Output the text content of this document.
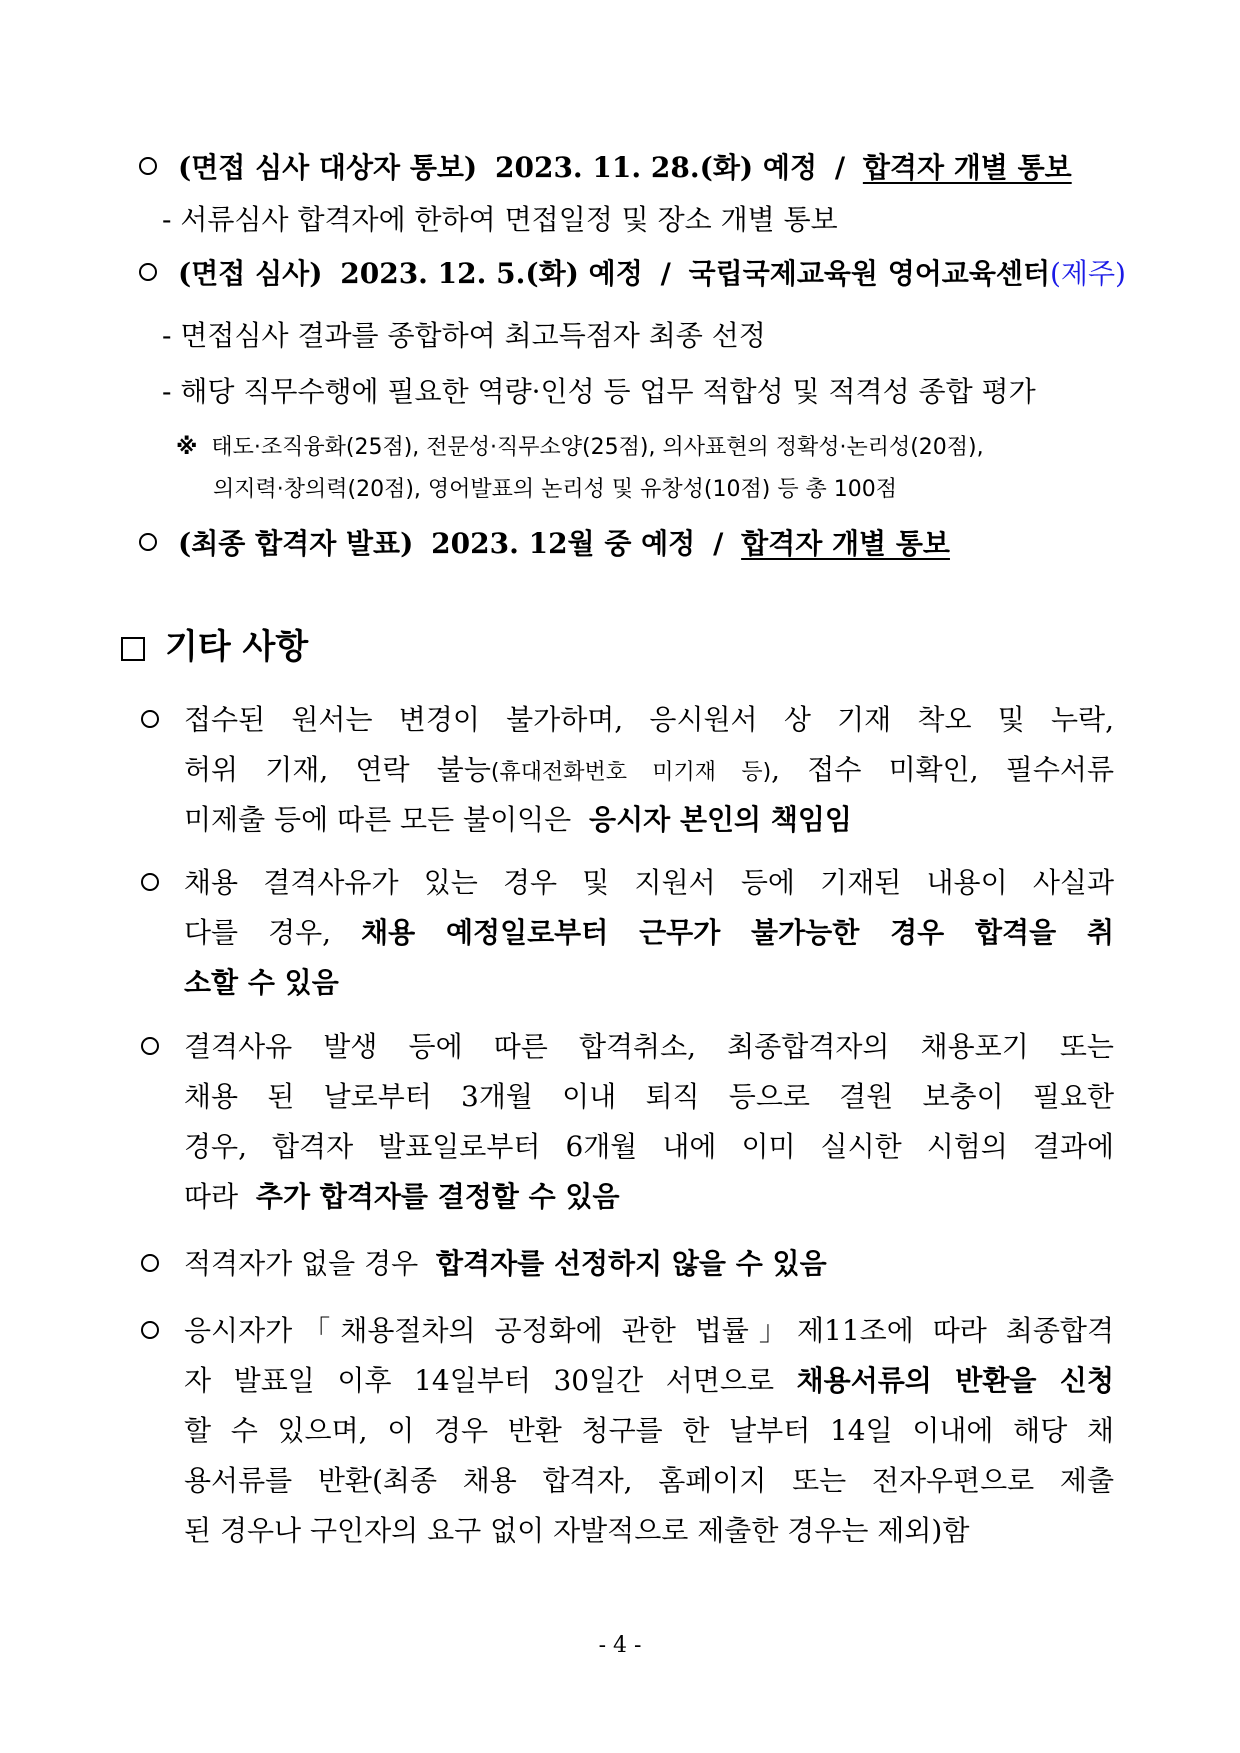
(면접 심사 대상자 통보) 2023. 11. 28.(화) 예정 / 합격자 개별 통보
- 서류심사 합격자에 한하여 면접일정 및 장소 개별 통보
(면접 심사) 2023. 12. 5.(화) 예정 / 국립국제교육원 영어교육센터(제주)
- 면접심사 결과를 종합하여 최고득점자 최종 선정
- 해당 직무수행에 필요한 역량·인성 등 업무 적합성 및 적격성 종합 평가
※ 태도·조직융화(25점), 전문성·직무소양(25점), 의사표현의 정확성·논리성(20점),
의지력·창의력(20점), 영어발표의 논리성 및 유창성(10점) 등 총 100점
(최종 합격자 발표) 2023. 12월 중 예정 / 합격자 개별 통보
기타 사항
접수된 원서는 변경이 불가하며, 응시원서 상 기재 착오 및 누락,
허위 기재, 연락 불능(휴대전화번호 미기재 등), 접수 미확인, 필수서류
미제출 등에 따른 모든 불이익은 응시자 본인의 책임임
채용 결격사유가 있는 경우 및 지원서 등에 기재된 내용이 사실과
다를 경우, 채용 예정일로부터 근무가 불가능한 경우 합격을 취
소할 수 있음
결격사유 발생 등에 따른 합격취소, 최종합격자의 채용포기 또는
채용 된 날로부터 3개월 이내 퇴직 등으로 결원 보충이 필요한
경우, 합격자 발표일로부터 6개월 내에 이미 실시한 시험의 결과에
따라 추가 합격자를 결정할 수 있음
적격자가 없을 경우 합격자를 선정하지 않을 수 있음
응시자가「채용절차의 공정화에 관한 법률」제11조에 따라 최종합격
자 발표일 이후 14일부터 30일간 서면으로 채용서류의 반환을 신청
할 수 있으며, 이 경우 반환 청구를 한 날부터 14일 이내에 해당 채
용서류를 반환(최종 채용 합격자, 홈페이지 또는 전자우편으로 제출
된 경우나 구인자의 요구 없이 자발적으로 제출한 경우는 제외)함
- 4 -
